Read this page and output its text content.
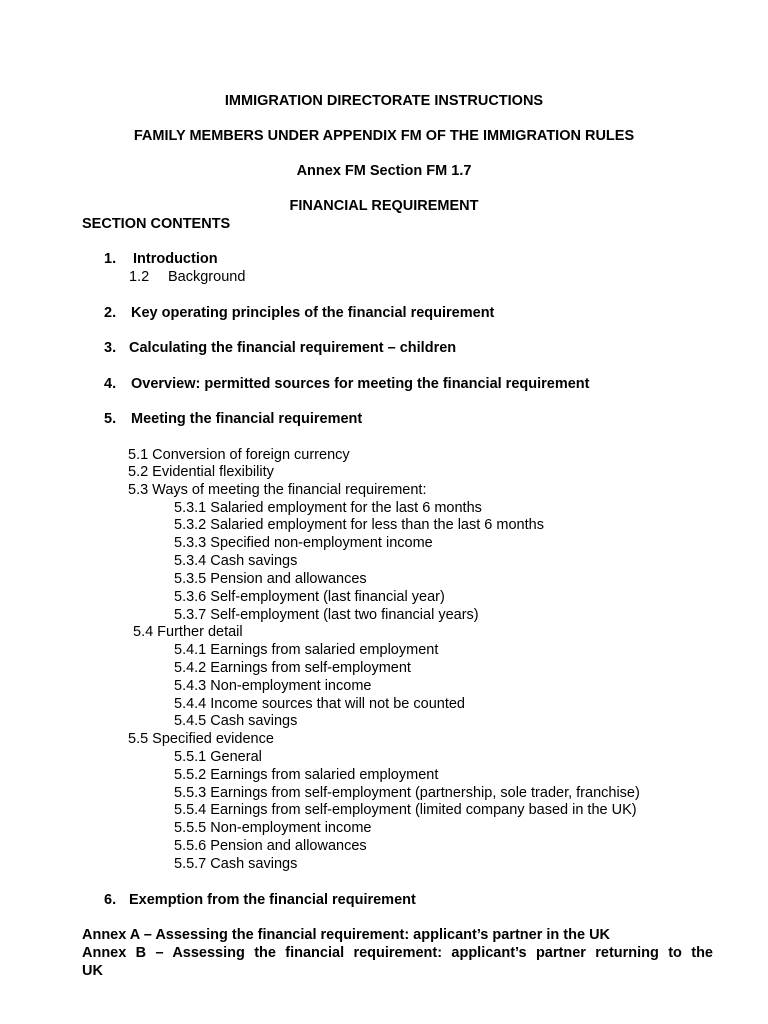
IMMIGRATION DIRECTORATE INSTRUCTIONS
FAMILY MEMBERS UNDER APPENDIX FM OF THE IMMIGRATION RULES
Annex FM Section FM 1.7
FINANCIAL REQUIREMENT
SECTION CONTENTS
1. Introduction
1.2 Background
2. Key operating principles of the financial requirement
3. Calculating the financial requirement – children
4. Overview: permitted sources for meeting the financial requirement
5. Meeting the financial requirement
5.1 Conversion of foreign currency
5.2 Evidential flexibility
5.3 Ways of meeting the financial requirement:
5.3.1 Salaried employment for the last 6 months
5.3.2 Salaried employment for less than the last 6 months
5.3.3 Specified non-employment income
5.3.4 Cash savings
5.3.5 Pension and allowances
5.3.6 Self-employment (last financial year)
5.3.7 Self-employment (last two financial years)
5.4 Further detail
5.4.1 Earnings from salaried employment
5.4.2 Earnings from self-employment
5.4.3 Non-employment income
5.4.4 Income sources that will not be counted
5.4.5 Cash savings
5.5 Specified evidence
5.5.1 General
5.5.2 Earnings from salaried employment
5.5.3 Earnings from self-employment (partnership, sole trader, franchise)
5.5.4 Earnings from self-employment (limited company based in the UK)
5.5.5 Non-employment income
5.5.6 Pension and allowances
5.5.7 Cash savings
6. Exemption from the financial requirement
Annex A – Assessing the financial requirement: applicant’s partner in the UK
Annex B – Assessing the financial requirement: applicant’s partner returning to the
UK
